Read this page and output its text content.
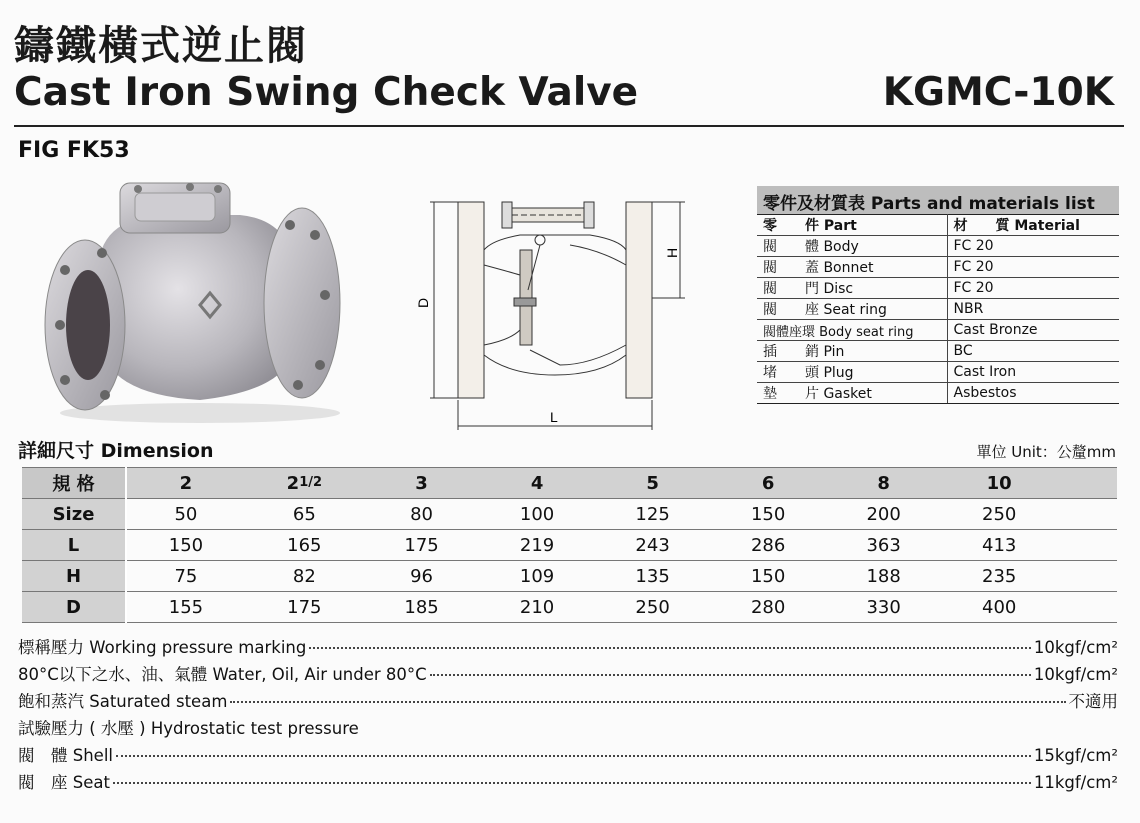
鑄鐵橫式逆止閥
Cast Iron Swing Check Valve	KGMC-10K
FIG FK53
D
H
L
零件及材質表 Parts and materials list
零　　件 Part	材　　質 Material
閥　　體 Body	FC 20
閥　　蓋 Bonnet	FC 20
閥　　門 Disc	FC 20
閥　　座 Seat ring	NBR
閥體座環 Body seat ring	Cast Bronze
插　　銷 Pin	BC
堵　　頭 Plug	Cast Iron
墊　　片 Gasket	Asbestos
詳細尺寸 Dimension	單位 Unit：公釐mm
規 格	2	21/2	3	4	5	6	8	10	
Size	50	65	80	100	125	150	200	250	
L	150	165	175	219	243	286	363	413	
H	75	82	96	109	135	150	188	235	
D	155	175	185	210	250	280	330	400	
標稱壓力 Working pressure marking	10kgf/cm²
80°C以下之水、油、氣體 Water, Oil, Air under 80°C	10kgf/cm²
飽和蒸汽 Saturated steam	不適用
試驗壓力 ( 水壓 ) Hydrostatic test pressure
閥　體 Shell	15kgf/cm²
閥　座 Seat	11kgf/cm²
